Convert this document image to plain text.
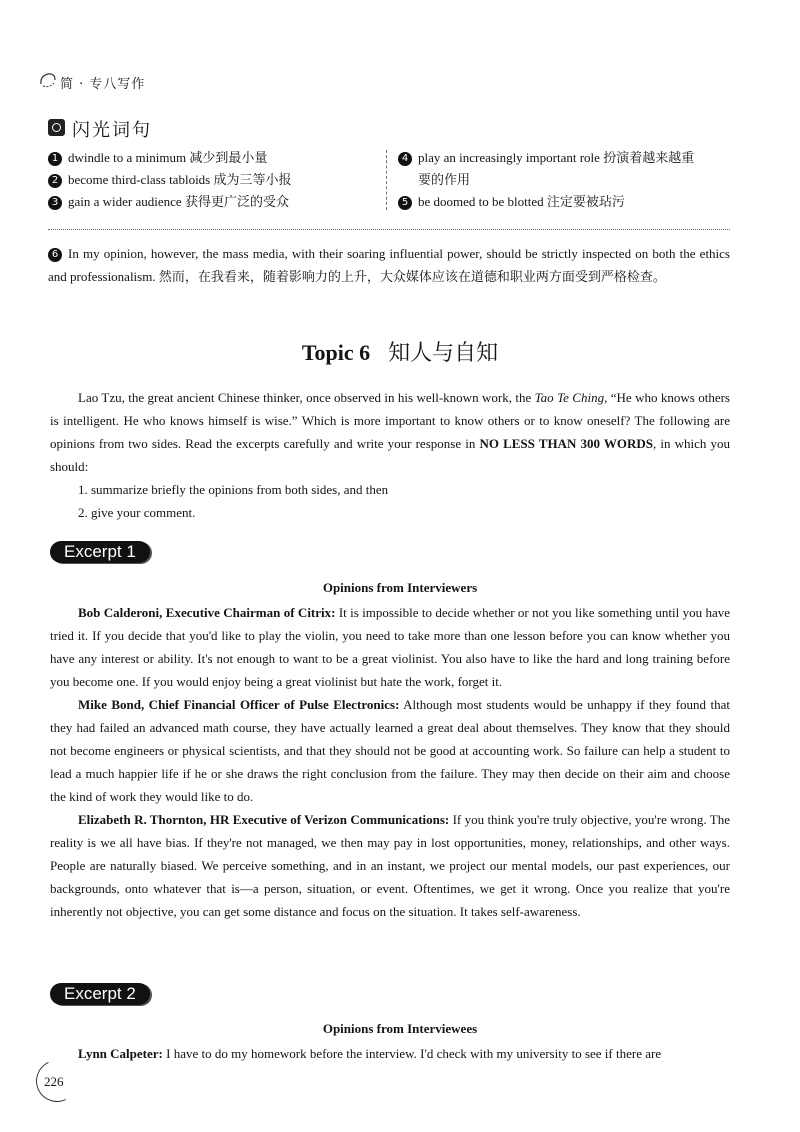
简 · 专八写作
闪光词句
1 dwindle to a minimum 减少到最小量
2 become third-class tabloids 成为三等小报
3 gain a wider audience 获得更广泛的受众
4 play an increasingly important role 扮演着越来越重
要的作用
5 be doomed to be blotted 注定要被玷污
6 In my opinion, however, the mass media, with their soaring influential power, should be strictly inspected on both the ethics and professionalism. 然而，在我看来，随着影响力的上升，大众媒体应该在道德和职业两方面受到严格检查。
Topic 6 知人与自知
Lao Tzu, the great ancient Chinese thinker, once observed in his well-known work, the Tao Te Ching, “He who knows others is intelligent. He who knows himself is wise.” Which is more important to know others or to know oneself? The following are opinions from two sides. Read the excerpts carefully and write your response in NO LESS THAN 300 WORDS, in which you should:
1. summarize briefly the opinions from both sides, and then
2. give your comment.
Excerpt 1
Opinions from Interviewers
Bob Calderoni, Executive Chairman of Citrix: It is impossible to decide whether or not you like something until you have tried it. If you decide that you'd like to play the violin, you need to take more than one lesson before you can know whether you have any interest or ability. It's not enough to want to be a great violinist. You also have to like the hard and long training before you become one. If you would enjoy being a great violinist but hate the work, forget it.
Mike Bond, Chief Financial Officer of Pulse Electronics: Although most students would be unhappy if they found that they had failed an advanced math course, they have actually learned a great deal about themselves. They know that they should not become engineers or physical scientists, and that they should not be good at accounting work. So failure can help a student to lead a much happier life if he or she draws the right conclusion from the failure. They may then decide on their aim and choose the kind of work they would like to do.
Elizabeth R. Thornton, HR Executive of Verizon Communications: If you think you're truly objective, you're wrong. The reality is we all have bias. If they're not managed, we then may pay in lost opportunities, money, relationships, and other ways. People are naturally biased. We perceive something, and in an instant, we project our mental models, our past experiences, our backgrounds, onto whatever that is—a person, situation, or event. Oftentimes, we get it wrong. Once you realize that you're inherently not objective, you can get some distance and focus on the situation. It takes self-awareness.
Excerpt 2
Opinions from Interviewees
Lynn Calpeter: I have to do my homework before the interview. I'd check with my university to see if there are
226
